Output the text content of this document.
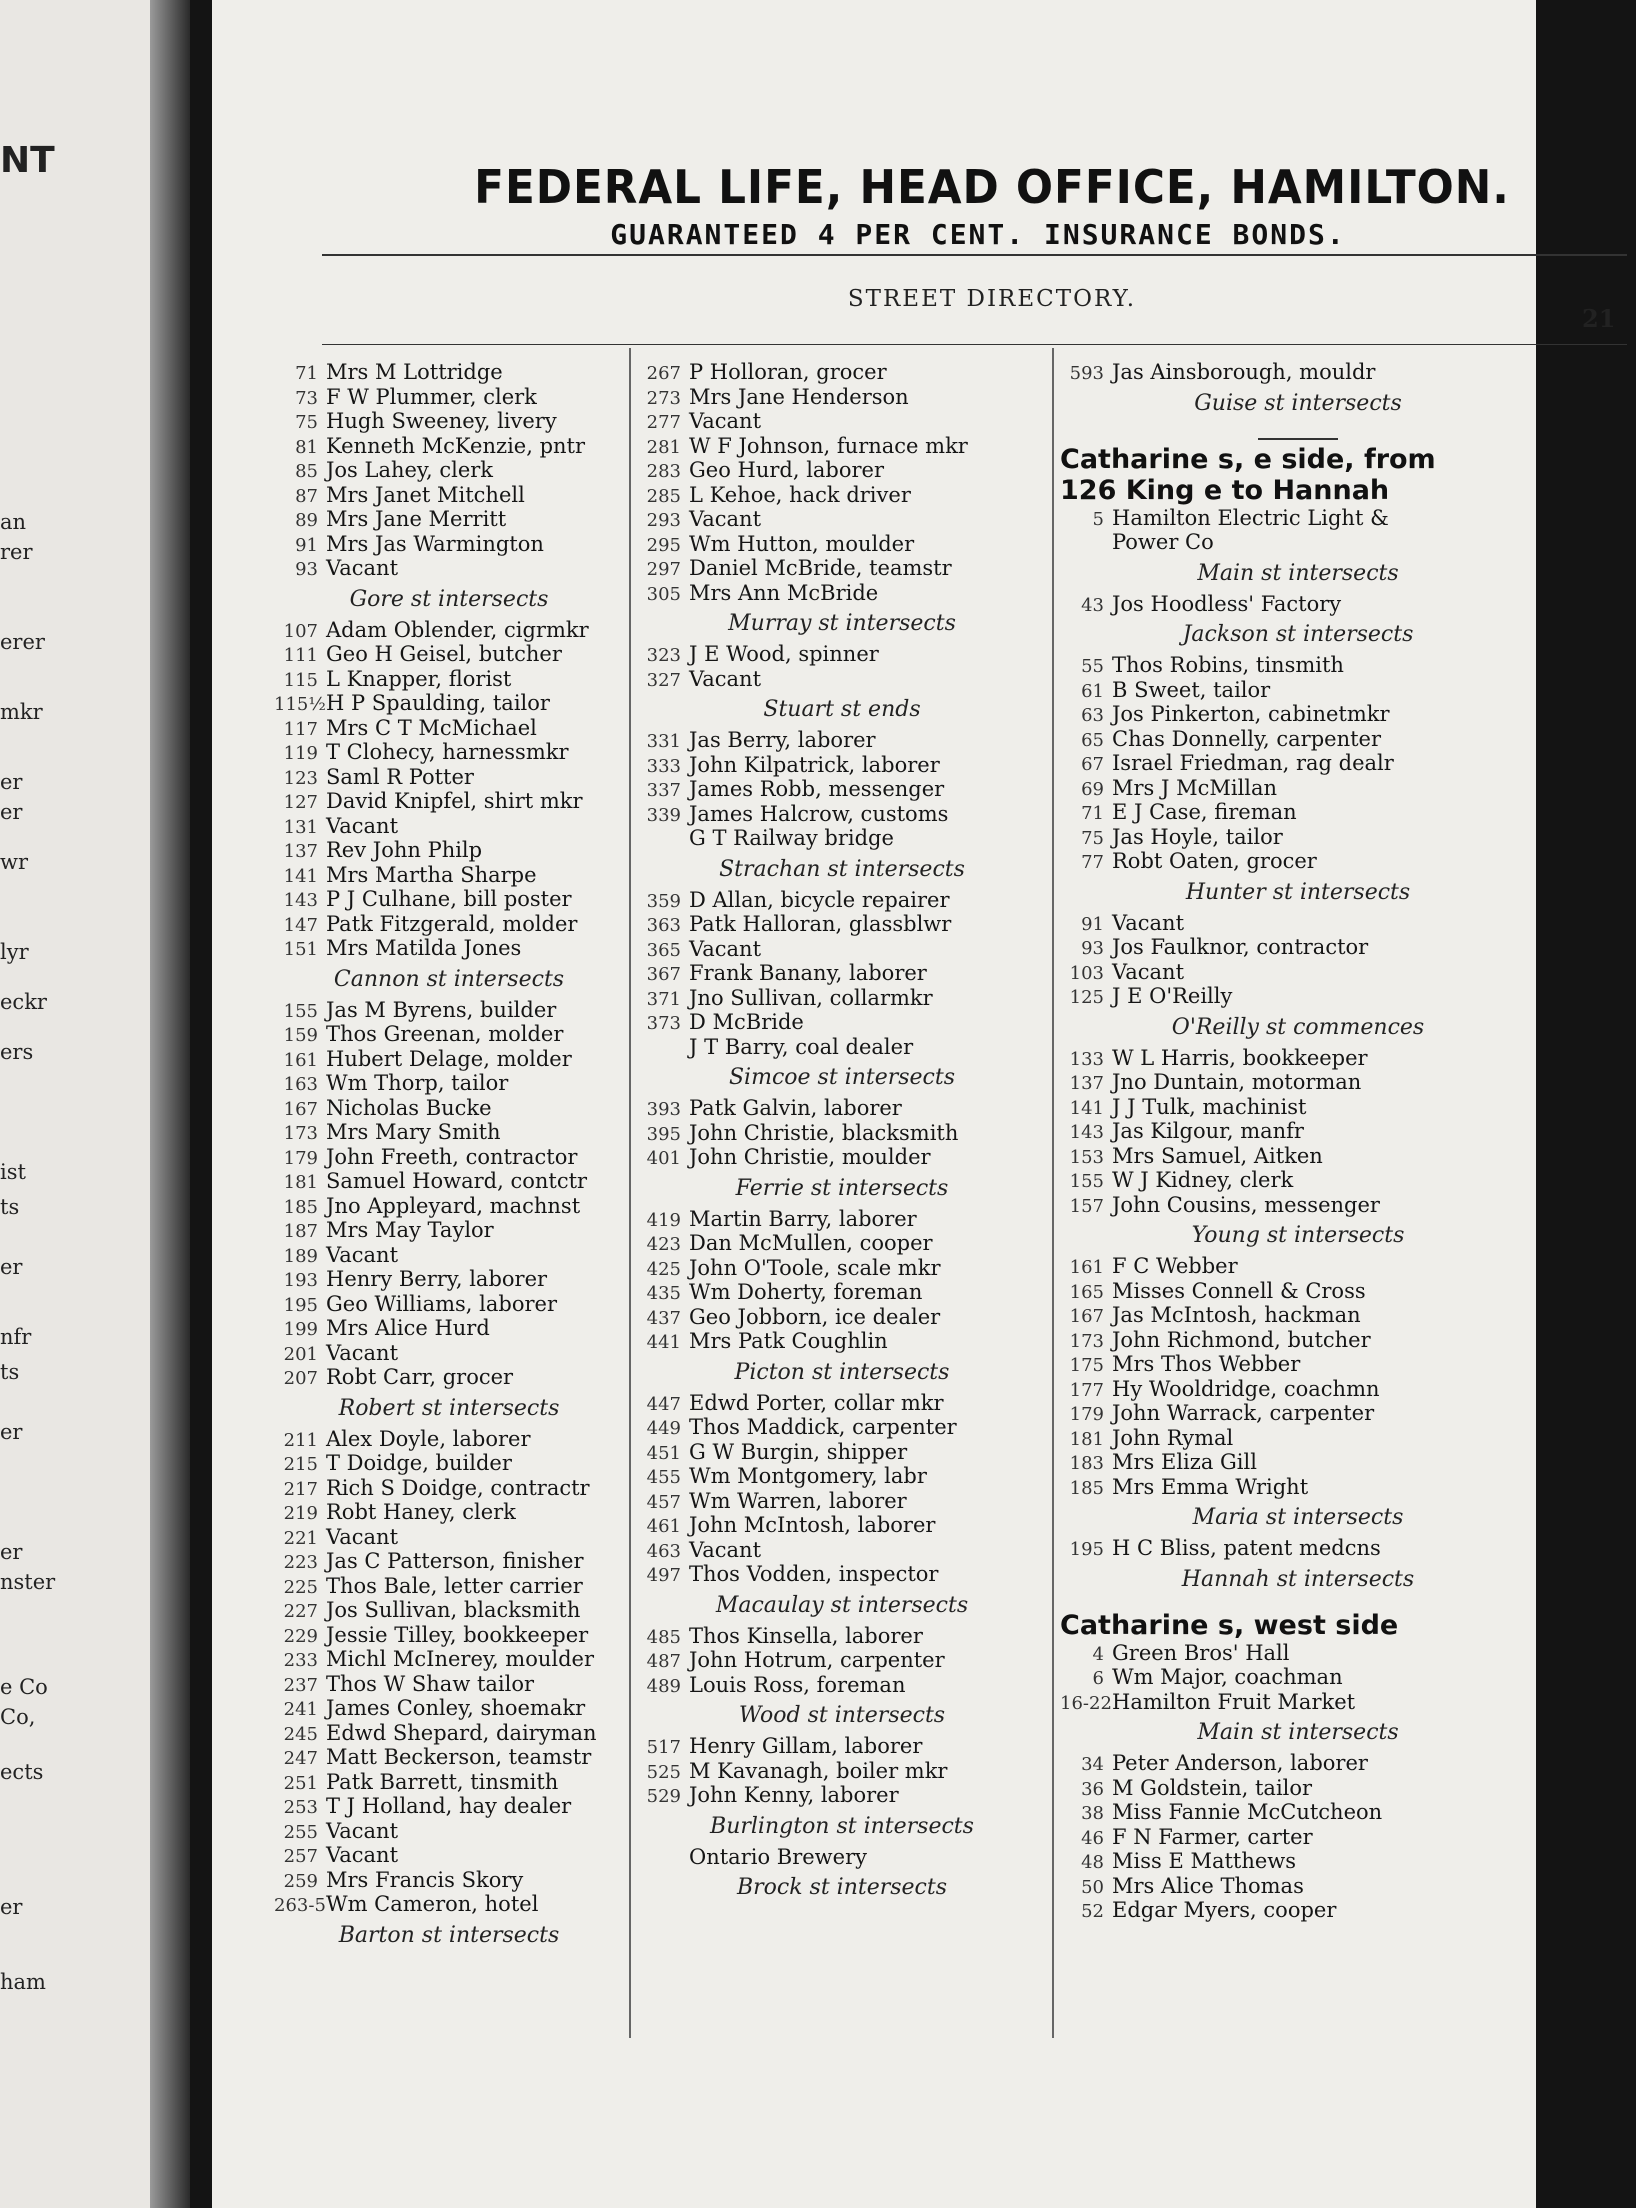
NT
an
rer
erer
mkr
er
er
wr
lyr
eckr
ers
ist
ts
er
nfr
ts
er
er
nster
e Co
Co,
ects
er
ham
FEDERAL LIFE, HEAD OFFICE, HAMILTON.
GUARANTEED 4 PER CENT. INSURANCE BONDS.
STREET DIRECTORY.
21
71 Mrs M Lottridge
73 F W Plummer, clerk
75 Hugh Sweeney, livery
81 Kenneth McKenzie, pntr
85 Jos Lahey, clerk
87 Mrs Janet Mitchell
89 Mrs Jane Merritt
91 Mrs Jas Warmington
93 Vacant
Gore st intersects
107 Adam Oblender, cigrmkr
111 Geo H Geisel, butcher
115 L Knapper, florist
115½H P Spaulding, tailor
117 Mrs C T McMichael
119 T Clohecy, harnessmkr
123 Saml R Potter
127 David Knipfel, shirt mkr
131 Vacant
137 Rev John Philp
141 Mrs Martha Sharpe
143 P J Culhane, bill poster
147 Patk Fitzgerald, molder
151 Mrs Matilda Jones
Cannon st intersects
155 Jas M Byrens, builder
159 Thos Greenan, molder
161 Hubert Delage, molder
163 Wm Thorp, tailor
167 Nicholas Bucke
173 Mrs Mary Smith
179 John Freeth, contractor
181 Samuel Howard, contctr
185 Jno Appleyard, machnst
187 Mrs May Taylor
189 Vacant
193 Henry Berry, laborer
195 Geo Williams, laborer
199 Mrs Alice Hurd
201 Vacant
207 Robt Carr, grocer
Robert st intersects
211 Alex Doyle, laborer
215 T Doidge, builder
217 Rich S Doidge, contractr
219 Robt Haney, clerk
221 Vacant
223 Jas C Patterson, finisher
225 Thos Bale, letter carrier
227 Jos Sullivan, blacksmith
229 Jessie Tilley, bookkeeper
233 Michl McInerey, moulder
237 Thos W Shaw tailor
241 James Conley, shoemakr
245 Edwd Shepard, dairyman
247 Matt Beckerson, teamstr
251 Patk Barrett, tinsmith
253 T J Holland, hay dealer
255 Vacant
257 Vacant
259 Mrs Francis Skory
263-5Wm Cameron, hotel
Barton st intersects
267 P Holloran, grocer
273 Mrs Jane Henderson
277 Vacant
281 W F Johnson, furnace mkr
283 Geo Hurd, laborer
285 L Kehoe, hack driver
293 Vacant
295 Wm Hutton, moulder
297 Daniel McBride, teamstr
305 Mrs Ann McBride
Murray st intersects
323 J E Wood, spinner
327 Vacant
Stuart st ends
331 Jas Berry, laborer
333 John Kilpatrick, laborer
337 James Robb, messenger
339 James Halcrow, customs
G T Railway bridge
Strachan st intersects
359 D Allan, bicycle repairer
363 Patk Halloran, glassblwr
365 Vacant
367 Frank Banany, laborer
371 Jno Sullivan, collarmkr
373 D McBride
J T Barry, coal dealer
Simcoe st intersects
393 Patk Galvin, laborer
395 John Christie, blacksmith
401 John Christie, moulder
Ferrie st intersects
419 Martin Barry, laborer
423 Dan McMullen, cooper
425 John O'Toole, scale mkr
435 Wm Doherty, foreman
437 Geo Jobborn, ice dealer
441 Mrs Patk Coughlin
Picton st intersects
447 Edwd Porter, collar mkr
449 Thos Maddick, carpenter
451 G W Burgin, shipper
455 Wm Montgomery, labr
457 Wm Warren, laborer
461 John McIntosh, laborer
463 Vacant
497 Thos Vodden, inspector
Macaulay st intersects
485 Thos Kinsella, laborer
487 John Hotrum, carpenter
489 Louis Ross, foreman
Wood st intersects
517 Henry Gillam, laborer
525 M Kavanagh, boiler mkr
529 John Kenny, laborer
Burlington st intersects
Ontario Brewery
Brock st intersects
593 Jas Ainsborough, mouldr
Guise st intersects
Catharine s, e side, from
126 King e to Hannah
5 Hamilton Electric Light &
Power Co
Main st intersects
43 Jos Hoodless' Factory
Jackson st intersects
55 Thos Robins, tinsmith
61 B Sweet, tailor
63 Jos Pinkerton, cabinetmkr
65 Chas Donnelly, carpenter
67 Israel Friedman, rag dealr
69 Mrs J McMillan
71 E J Case, fireman
75 Jas Hoyle, tailor
77 Robt Oaten, grocer
Hunter st intersects
91 Vacant
93 Jos Faulknor, contractor
103 Vacant
125 J E O'Reilly
O'Reilly st commences
133 W L Harris, bookkeeper
137 Jno Duntain, motorman
141 J J Tulk, machinist
143 Jas Kilgour, manfr
153 Mrs Samuel, Aitken
155 W J Kidney, clerk
157 John Cousins, messenger
Young st intersects
161 F C Webber
165 Misses Connell & Cross
167 Jas McIntosh, hackman
173 John Richmond, butcher
175 Mrs Thos Webber
177 Hy Wooldridge, coachmn
179 John Warrack, carpenter
181 John Rymal
183 Mrs Eliza Gill
185 Mrs Emma Wright
Maria st intersects
195 H C Bliss, patent medcns
Hannah st intersects
Catharine s, west side
4 Green Bros' Hall
6 Wm Major, coachman
16-22Hamilton Fruit Market
Main st intersects
34 Peter Anderson, laborer
36 M Goldstein, tailor
38 Miss Fannie McCutcheon
46 F N Farmer, carter
48 Miss E Matthews
50 Mrs Alice Thomas
52 Edgar Myers, cooper
